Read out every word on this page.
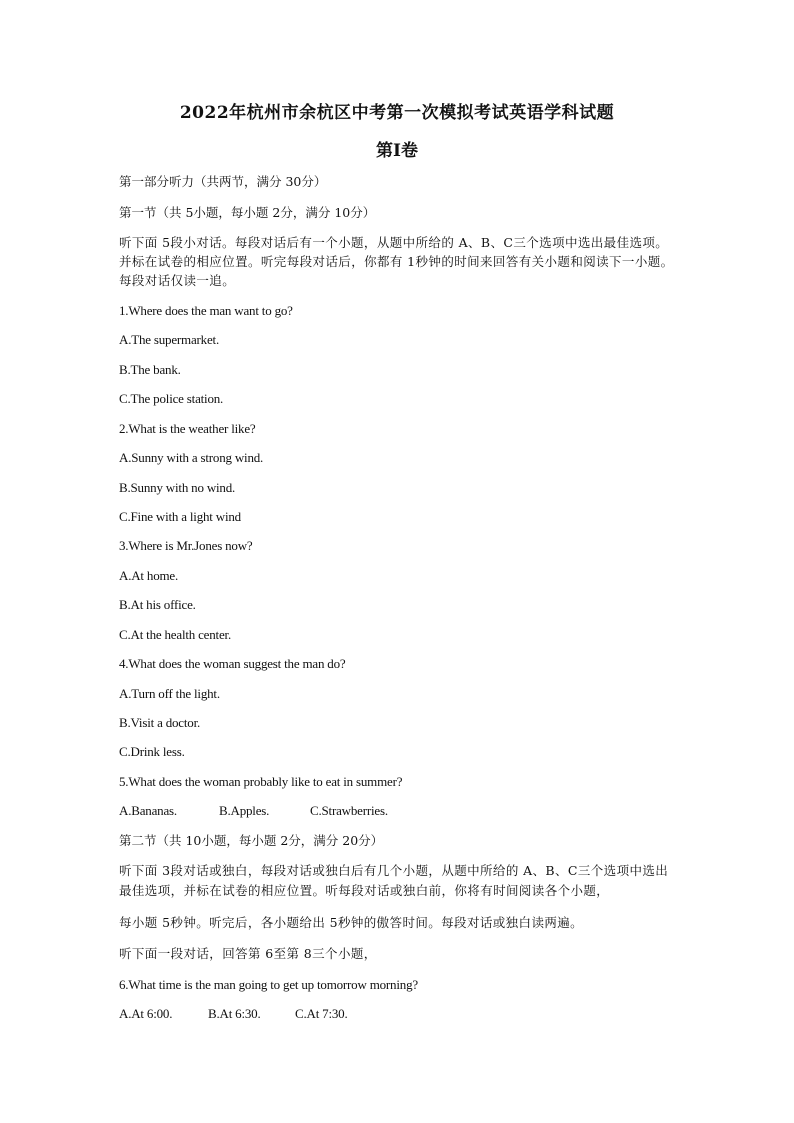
2022年杭州市余杭区中考第一次模拟考试英语学科试题
第I卷
第一部分听力（共两节，满分 30分）
第一节（共 5小题，每小题 2分，满分 10分）
听下面 5段小对话。每段对话后有一个小题，从题中所给的 A、B、C三个选项中选出最佳选项。并标在试卷的相应位置。听完每段对话后，你都有 1秒钟的时间来回答有关小题和阅读下一小题。每段对话仅读一追。
1.Where does the man want to go?
A.The supermarket.
B.The bank.
C.The police station.
2.What is the weather like?
A.Sunny with a strong wind.
B.Sunny with no wind.
C.Fine with a light wind
3.Where is Mr.Jones now?
A.At home.
B.At his office.
C.At the health center.
4.What does the woman suggest the man do?
A.Turn off the light.
B.Visit a doctor.
C.Drink less.
5.What does the woman probably like to eat in summer?
A.Bananas.	B.Apples.	C.Strawberries.
第二节（共 10小题，每小题 2分，满分 20分）
听下面 3段对话或独白，每段对话或独白后有几个小题，从题中所给的 A、B、C三个选项中选出最佳选项，并标在试卷的相应位置。听每段对话或独白前，你将有时间阅读各个小题，
每小题 5秒钟。听完后，各小题给出 5秒钟的傲答时间。每段对话或独白读两遍。
听下面一段对话，回答第 6至第 8三个小题，
6.What time is the man going to get up tomorrow morning?
A.At 6:00.	B.At 6:30.	C.At 7:30.
